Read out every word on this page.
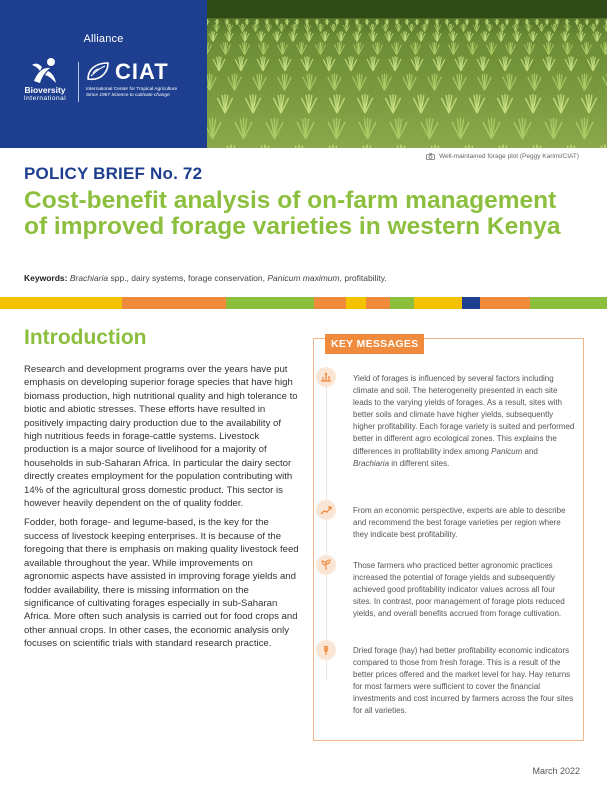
Alliance
Bioversity
International
CIAT
International Center for Tropical Agriculture
Since 1967 Science to cultivate change
Well-maintained forage plot (Peggy Karimi/CIAT)
POLICY BRIEF No. 72
Cost-benefit analysis of on-farm management of improved forage varieties in western Kenya
Keywords: Brachiaria spp., dairy systems, forage conservation, Panicum maximum, profitability.
Introduction

Research and development programs over the years have put emphasis on developing superior forage species that have high biomass production, high nutritional quality and high tolerance to biotic and abiotic stresses. These efforts have resulted in positively impacting dairy production due to the availability of high nutritious feeds in forage-cattle systems. Livestock production is a major source of livelihood for a majority of households in sub-Saharan Africa. In particular the dairy sector directly creates employment for the population contributing with 14% of the agricultural gross domestic product. This sector is however heavily dependent on the of quality fodder.

Fodder, both forage- and legume-based, is the key for the success of livestock keeping enterprises. It is because of the foregoing that there is emphasis on making quality livestock feed available throughout the year. While improvements on agronomic aspects have assisted in improving forage yields and fodder availability, there is missing information on the significance of cultivating forages especially in sub-Saharan Africa. More often such analysis is carried out for food crops and other annual crops. In other cases, the economic analysis only focuses on scientific trials with standard research practice.

KEY MESSAGES
Yield of forages is influenced by several factors including climate and soil. The heterogeneity presented in each site leads to the varying yields of forages. As a result, sites with better soils and climate have higher yields, subsequently higher profitability. Each forage variety is suited and performed better in different agro ecological zones. This explains the differences in profitability index among Panicum and Brachiaria in different sites.
From an economic perspective, experts are able to describe and recommend the best forage varieties per region where they indicate best profitability.
Those farmers who practiced better agronomic practices increased the potential of forage yields and subsequently achieved good profitability indicator values across all four sites. In contrast, poor management of forage plots reduced yields, and overall benefits accrued from forage cultivation.
Dried forage (hay) had better profitability economic indicators compared to those from fresh forage. This is a result of the better prices offered and the market level for hay. Hay returns for most farmers were sufficient to cover the financial investments and cost incurred by farmers across the four sites for all varieties.
March 2022
